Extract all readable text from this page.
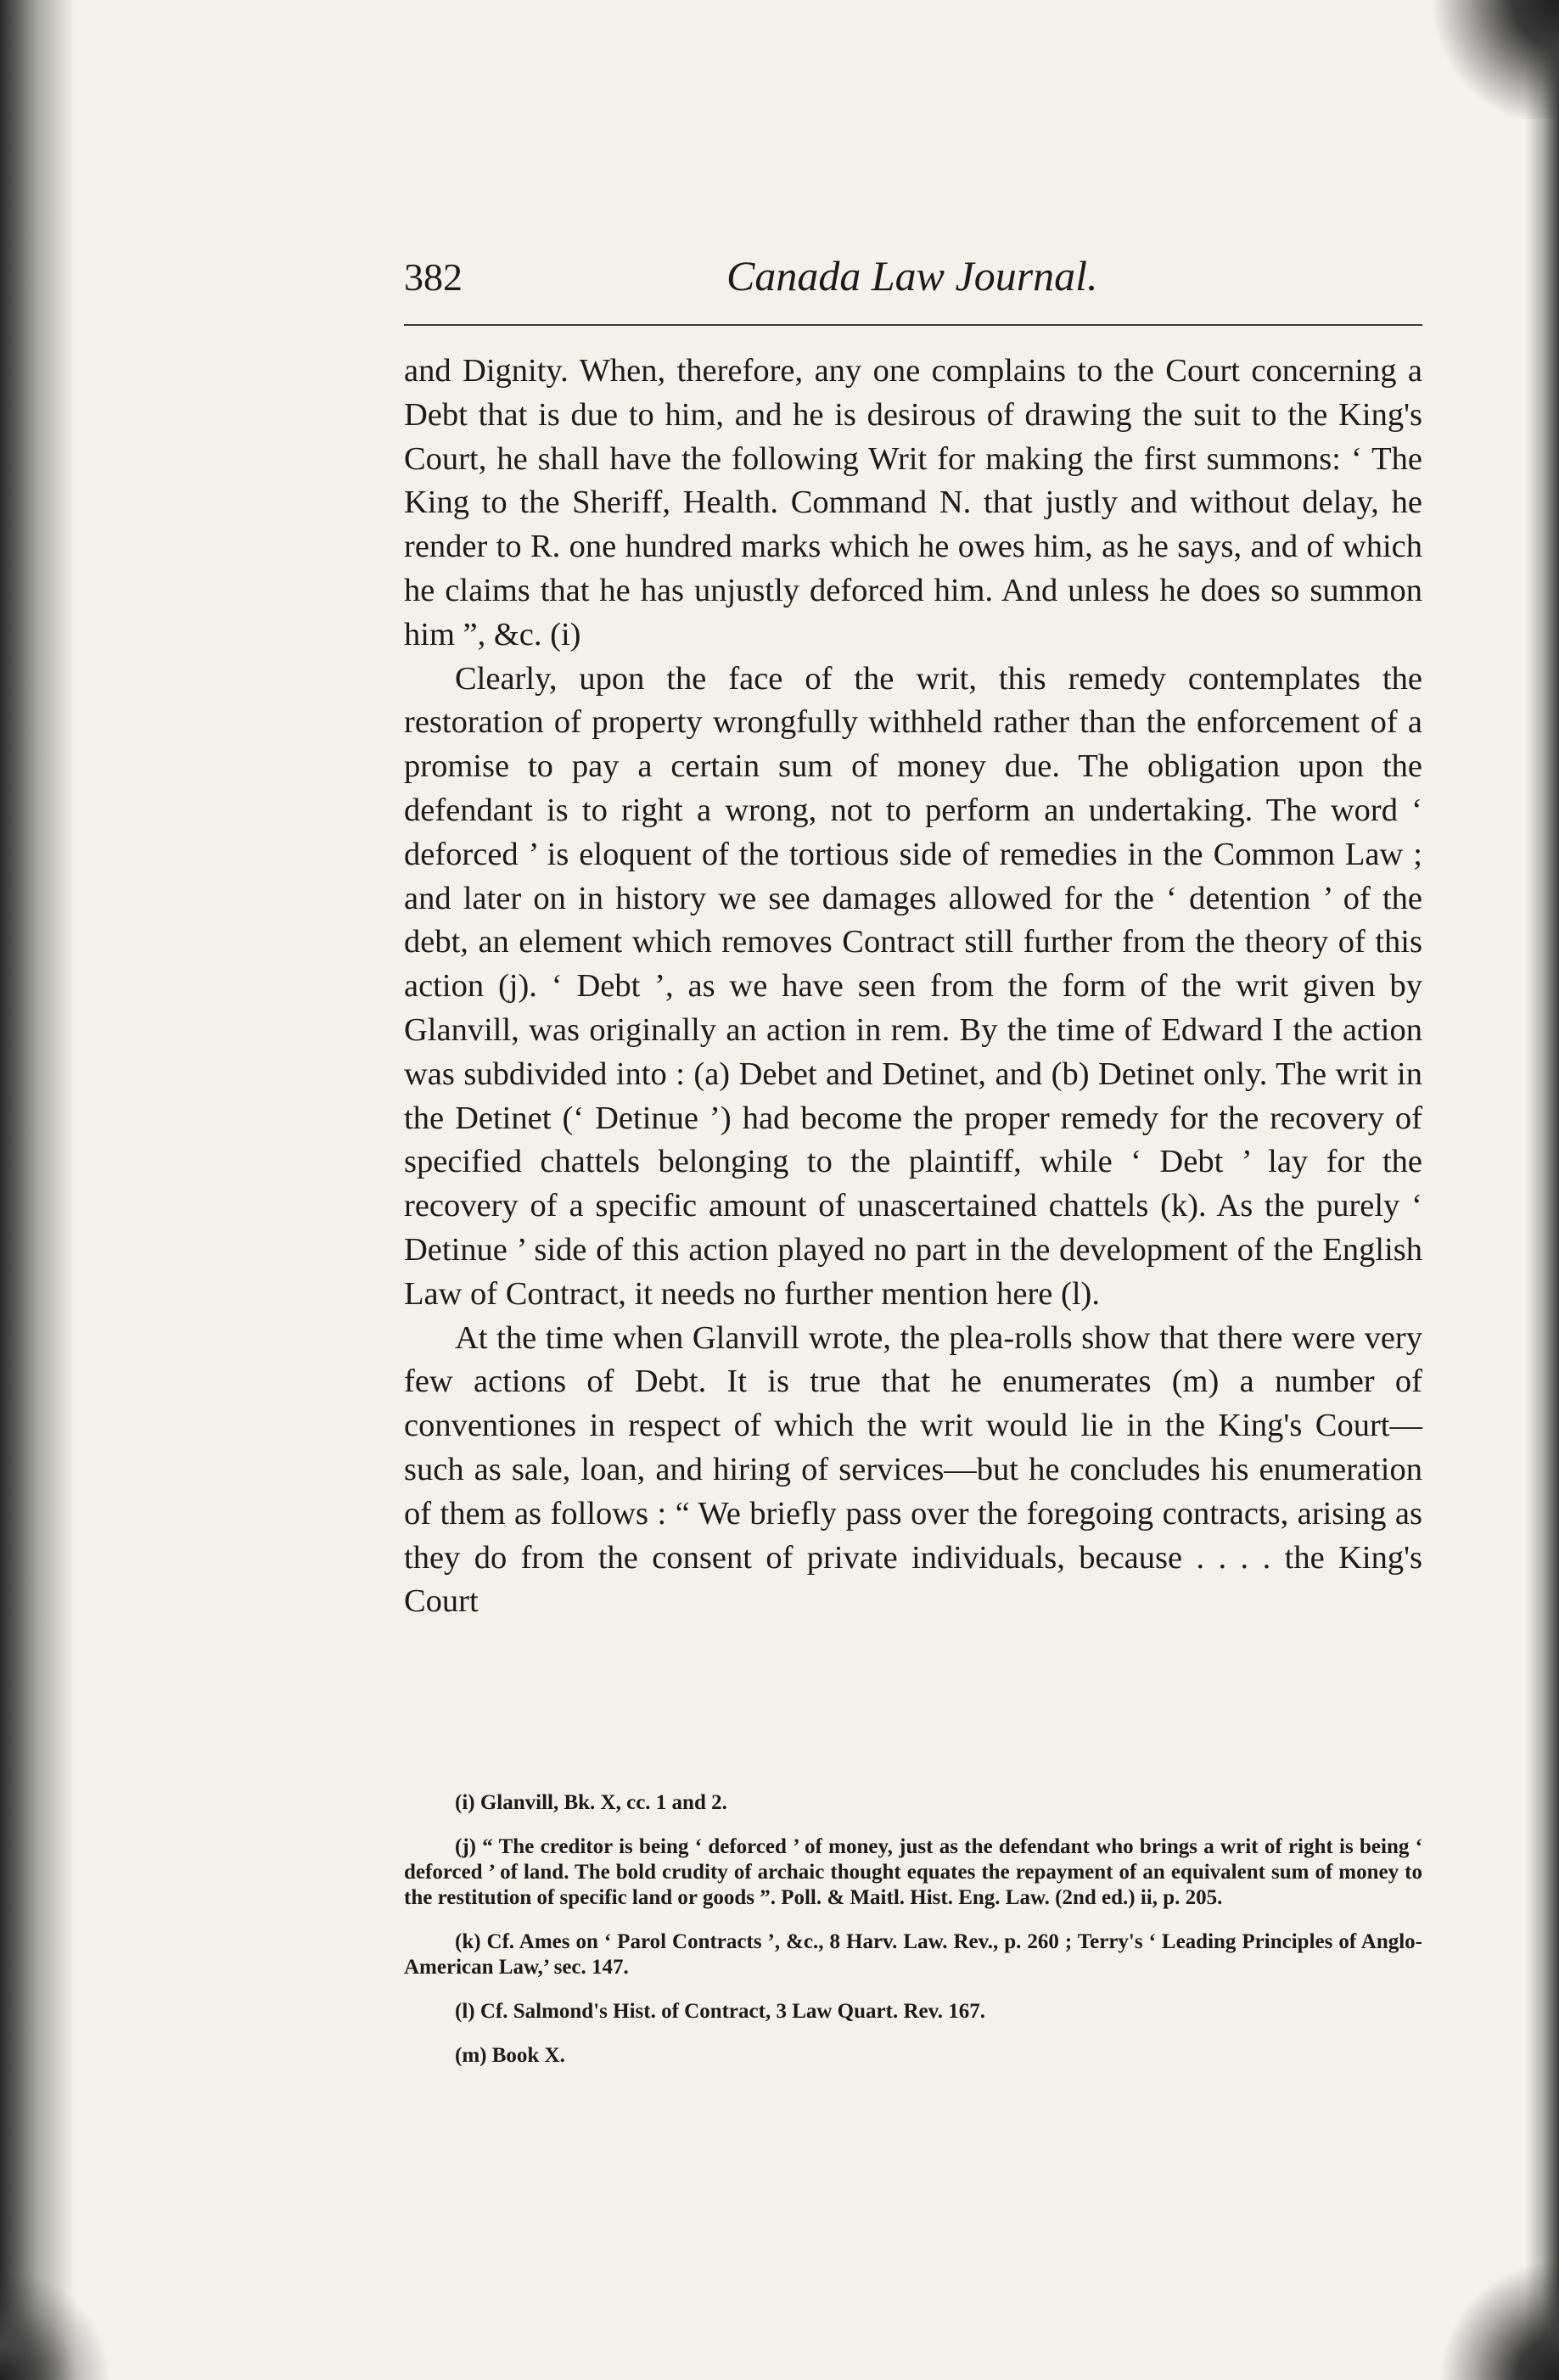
382	Canada Law Journal.

and Dignity. When, therefore, any one complains to the Court concerning a Debt that is due to him, and he is desirous of drawing the suit to the King's Court, he shall have the following Writ for making the first summons: ‘ The King to the Sheriff, Health. Command N. that justly and without delay, he render to R. one hundred marks which he owes him, as he says, and of which he claims that he has unjustly deforced him. And unless he does so summon him ”, &c. (i)

Clearly, upon the face of the writ, this remedy contemplates the restoration of property wrongfully withheld rather than the enforcement of a promise to pay a certain sum of money due. The obligation upon the defendant is to right a wrong, not to perform an undertaking. The word ‘ deforced ’ is eloquent of the tortious side of remedies in the Common Law ; and later on in history we see damages allowed for the ‘ detention ’ of the debt, an element which removes Contract still further from the theory of this action (j). ‘ Debt ’, as we have seen from the form of the writ given by Glanvill, was originally an action in rem. By the time of Edward I the action was subdivided into : (a) Debet and Detinet, and (b) Detinet only. The writ in the Detinet (‘ Detinue ’) had become the proper remedy for the recovery of specified chattels belonging to the plaintiff, while ‘ Debt ’ lay for the recovery of a specific amount of unascertained chattels (k). As the purely ‘ Detinue ’ side of this action played no part in the development of the English Law of Contract, it needs no further mention here (l).

At the time when Glanvill wrote, the plea-rolls show that there were very few actions of Debt. It is true that he enumerates (m) a number of conventiones in respect of which the writ would lie in the King's Court—such as sale, loan, and hiring of services—but he concludes his enumeration of them as follows : “ We briefly pass over the foregoing contracts, arising as they do from the consent of private individuals, because . . . . the King's Court

(i) Glanvill, Bk. X, cc. 1 and 2.

(j) “ The creditor is being ‘ deforced ’ of money, just as the defendant who brings a writ of right is being ‘ deforced ’ of land. The bold crudity of archaic thought equates the repayment of an equivalent sum of money to the restitution of specific land or goods ”. Poll. & Maitl. Hist. Eng. Law. (2nd ed.) ii, p. 205.

(k) Cf. Ames on ‘ Parol Contracts ’, &c., 8 Harv. Law. Rev., p. 260 ; Terry's ‘ Leading Principles of Anglo-American Law,’ sec. 147.

(l) Cf. Salmond's Hist. of Contract, 3 Law Quart. Rev. 167.

(m) Book X.
